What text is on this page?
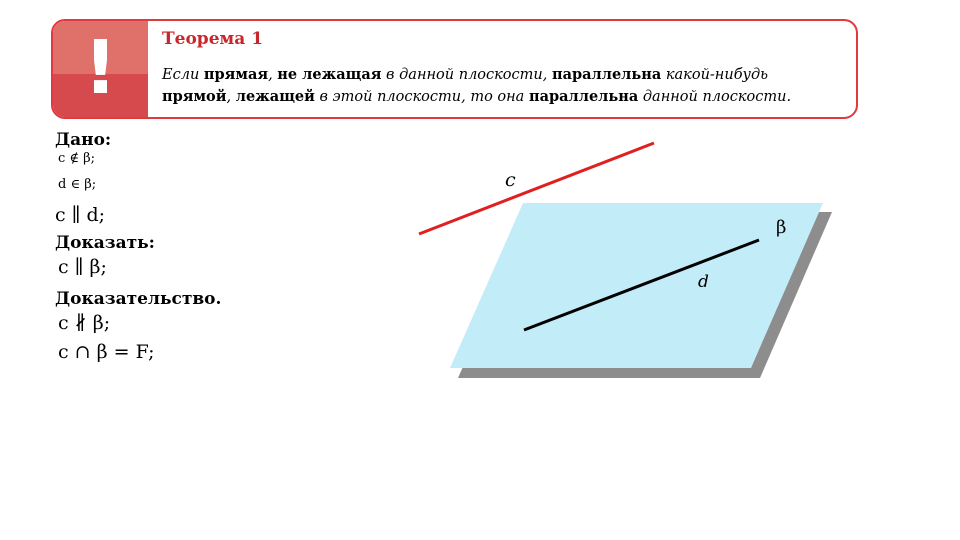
!	Теорема 1
Если прямая, не лежащая в данной плоскости, параллельна какой-нибудь
прямой, лежащей в этой плоскости, то она параллельна данной плоскости.
Дано:
c ∉ β;
d ∈ β;
c ∥ d;
Доказать:
c ∥ β;
Доказательство.
c ∦ β;
c ∩ β = F;
c
d
β
